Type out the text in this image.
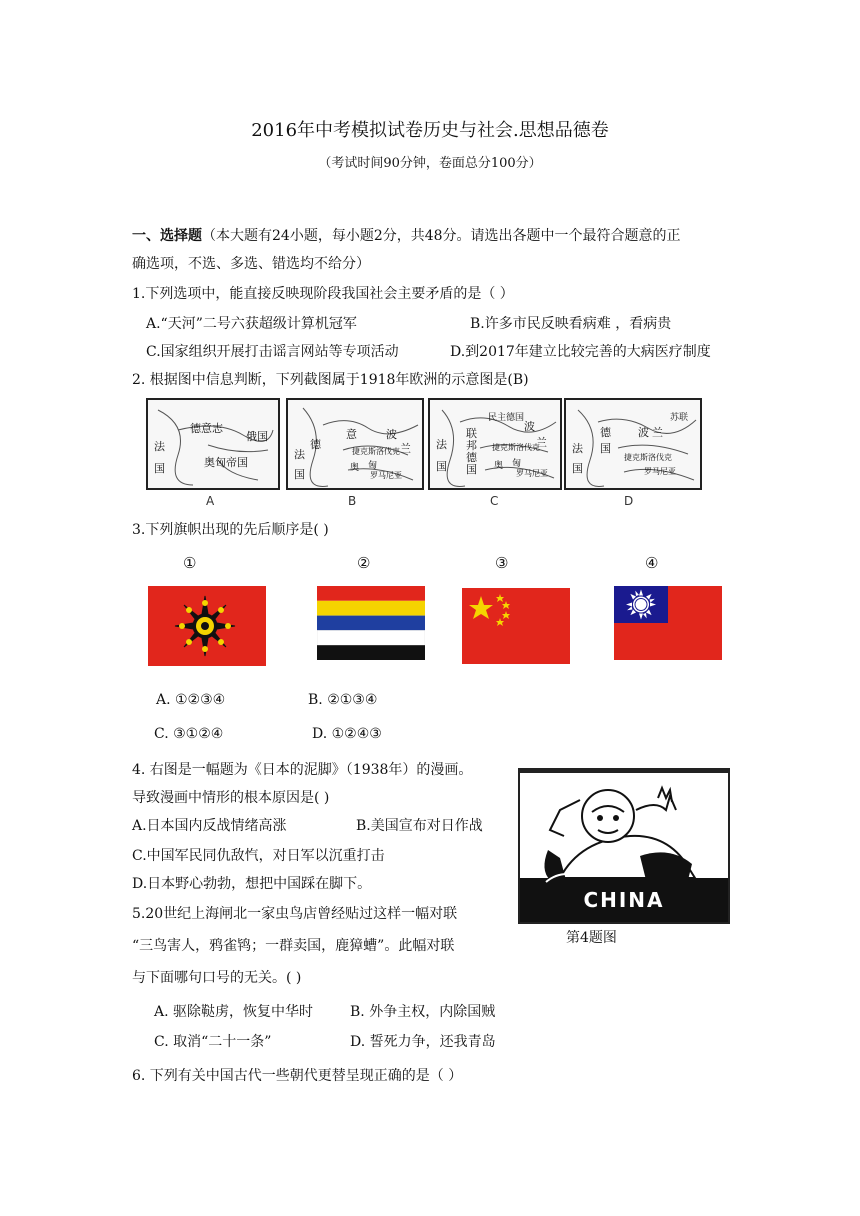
2016年中考模拟试卷历史与社会.思想品德卷
（考试时间90分钟，卷面总分100分）
一、选择题（本大题有24小题，每小题2分，共48分。请选出各题中一个最符合题意的正
确选项，不选、多选、错选均不给分）
1.下列选项中，能直接反映现阶段我国社会主要矛盾的是（ ）
A.“天河”二号六获超级计算机冠军	B.许多市民反映看病难 ，看病贵
C.国家组织开展打击谣言网站等专项活动	D.到2017年建立比较完善的大病医疗制度
2. 根据图中信息判断，下列截图属于1918年欧洲的示意图是(B)
德意志
俄国
法
国	奥匈帝国
A
德
意	波
兰
法
国
捷克斯洛伐克
奥 匈
罗马尼亚
B
民主德国
波
兰
联邦德国
法
国
捷克斯洛伐克
奥 匈
罗马尼亚
C
德
国
波 兰
苏联
法
国
捷克斯洛伐克
罗马尼亚
D
3.下列旗帜出现的先后顺序是( )
①	②	③	④
A. ①②③④	B. ②①③④
C. ③①②④	D. ①②④③
4. 右图是一幅题为《日本的泥脚》（1938年）的漫画。
导致漫画中情形的根本原因是( )
A.日本国内反战情绪高涨	B.美国宣布对日作战
C.中国军民同仇敌忾，对日军以沉重打击
D.日本野心勃勃，想把中国踩在脚下。
CHINA
第4题图
5.20世纪上海闸北一家虫鸟店曾经贴过这样一幅对联
“三鸟害人，鸦雀鸨；一群卖国，鹿獐螬”。此幅对联
与下面哪句口号的无关。( )
A. 驱除鞑虏，恢复中华时	B. 外争主权，内除国贼
C. 取消“二十一条”	D. 誓死力争，还我青岛
6. 下列有关中国古代一些朝代更替呈现正确的是（ ）
